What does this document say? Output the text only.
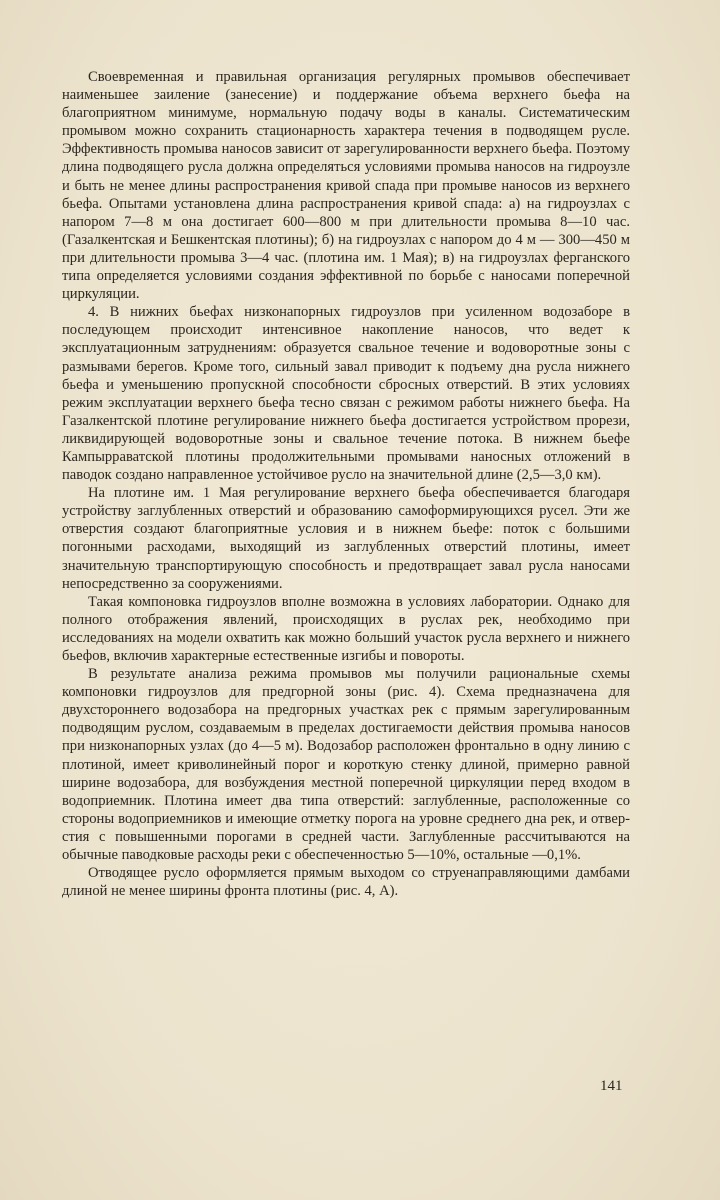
Своевременная и правильная организация регулярных промывов обеспечивает наименьшее заиление (занесение) и поддержание объема верхнего бьефа на благоприятном минимуме, нормальную подачу воды в каналы. Систематическим промывом можно сохранить стационарность характера течения в подводящем русле. Эффективность промыва наносов зависит от зарегулированности верхнего бьефа. Поэтому длина подводящего русла должна определяться условиями промыва наносов на гидроузле и быть не менее длины распространения кривой спада при промыве наносов из верхнего бьефа. Опытами установлена длина распространения кривой спада: а) на гидроузлах с напором 7—8 м она достигает 600—800 м при длительности промыва 8—10 час. (Газалкентская и Бешкентская плотины); б) на гидроузлах с напором до 4 м — 300—450 м при длительности промыва 3—4 час. (плотина им. 1 Мая); в) на гидроузлах ферганского типа определяется условиями создания эффективной по борьбе с наносами поперечной циркуляции.

4. В нижних бьефах низконапорных гидроузлов при усиленном водозаборе в последующем происходит интенсивное накопление наносов, что ведет к эксплуатационным затруднениям: образуется свальное течение и водоворотные зоны с размывами берегов. Кроме того, сильный завал приводит к подъему дна русла нижнего бьефа и уменьшению пропускной способности сбросных отверстий. В этих условиях режим эксплуатации верхнего бьефа тесно связан с режимом работы нижнего бьефа. На Газалкентской плотине регулирование нижнего бьефа достигается устройством прорези, ликвидирующей водоворотные зоны и свальное течение потока. В нижнем бьефе Кампырраватской плотины продолжительными промывами наносных отложений в паводок создано направленное устойчивое русло на значительной длине (2,5—3,0 км).

На плотине им. 1 Мая регулирование верхнего бьефа обеспечивается благодаря устройству заглубленных отверстий и образованию самоформирующихся русел. Эти же отверстия создают благоприятные условия и в нижнем бьефе: поток с большими погонными расходами, выходящий из заглубленных отверстий плотины, имеет значительную транспортирующую способность и предотвращает завал русла наносами непосредственно за сооружениями.

Такая компоновка гидроузлов вполне возможна в условиях лаборатории. Однако для полного отображения явлений, происходящих в руслах рек, необходимо при исследованиях на модели охватить как можно больший участок русла верхнего и нижнего бьефов, включив характерные естественные изгибы и повороты.

В результате анализа режима промывов мы получили рациональные схемы компоновки гидроузлов для предгорной зоны (рис. 4). Схема предназначена для двухстороннего водозабора на предгорных участках рек с прямым зарегулированным подводящим руслом, создаваемым в пределах достигаемости действия промыва наносов при низконапорных узлах (до 4—5 м). Водозабор расположен фронтально в одну линию с плотиной, имеет криволинейный порог и короткую стенку длиной, примерно равной ширине водозабора, для возбуждения местной поперечной циркуляции перед входом в водоприемник. Плотина имеет два типа отверстий: заглубленные, расположенные со стороны водоприемников и имеющие отметку порога на уровне среднего дна рек, и отверстия с повышенными порогами в средней части. Заглубленные рассчитываются на обычные паводковые расходы реки с обеспеченностью 5—10%, остальные —0,1%.

Отводящее русло оформляется прямым выходом со струенаправляющими дамбами длиной не менее ширины фронта плотины (рис. 4, А).

141
